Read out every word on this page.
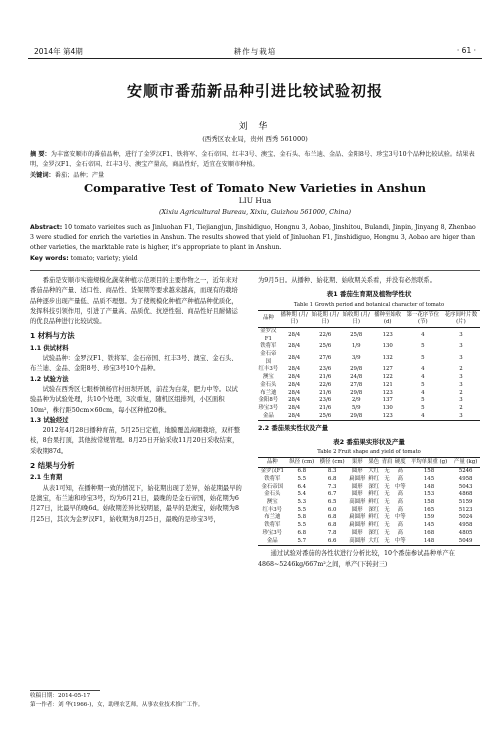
2014年 第4期	耕作与栽培	· 61 ·
安顺市番茄新品种引进比较试验初报
刘 华
(西秀区农业局，贵州 西秀 561000)
摘 要：为丰富安顺市的番茄品种，进行了金罗汉F1、铁将军、金石帝国、红丰3号、澳宝、金石头、布兰迪、金品、金阳8号、珍宝3号10个品种比较试验。结果表明，金罗汉F1、金石帝国、红丰3号、澳宝产量高，商品性好，适宜在安顺市种植。
关键词：番茄；品种；产量
Comparative Test of Tomato New Varieties in Anshun
LIU Hua
(Xixiu Agricultural Bureau, Xixiu, Guizhou 561000, China)
Abstract: 10 tomato varieites such as Jinluohan F1, Tiejiangjun, Jinshidiguo, Hongnu 3, Aobao, Jinshitou, Bulandi, Jinpin, Jinyang 8, Zhenbao 3 were studied for enrich the varieties in Anshun. The results showed that yield of Jinluohan F1, Jinshidiguo, Hongnu 3, Aobao are higer than other varieties, the marktable rate is higher, it's appropriate to plant in Anshun.
Key words: tomato; variety; yield

番茄是安顺市实施规模化蔬菜种植示范项目的主要作物之一，近年来对番茄品种的产量、适口性、商品性、货架期等要求越来越高，而现有的栽培品种逐步出现产量低、品质不理想。为了使规模化种植产种植品种优质化，发挥科技引领作用，引进了产量高、品质优、抗逆性强、商品性好且耐储运的优良品种进行比较试验。

1 材料与方法
1.1 供试材料

试验品种：金罗汉F1、铁将军、金石帝国、红丰3号、澳宝、金石头、布兰迪、金品、金阳8号、珍宝3号10个品种。

1.2 试验方法

试验在西秀区七眼桥镇杨官村田坝开展，前茬为白菜，肥力中等。以试验品种为试验处理，共10个处理，3次重复，随机区组排列，小区面积10m²，株行距50cm×60cm，每小区种植20株。

1.3 试验经过

2012年4月28日播种育苗，5月25日定植，地膜覆盖高厢栽培，双杆整枝，8台果打顶，其他按常规管理。8月25日开始采收11月20日采收结束，采收期87d。

2 结果与分析
2.1 生育期

从表1可知，在播种期一致的情况下，始花期出现了差异，始花期最早的是澳宝，布兰迪和珍宝3号，均为6月21日，最晚的是金石帝国，始花期为6月27日，比最早的晚6d。始收期差异比较明显，最早的是澳宝，始收期为8月25日，其次为金罗汉F1，始收期为8月25日，最晚的是珍宝3号，

收稿日期：2014-05-17
第一作者：刘 华(1966-)，女，助理农艺师，从事农业技术推广工作。

为9月5日。从播种、始花期、始收期关系看，并没有必然联系。

表1 番茄生育期及植物学性状
Table 1 Growth period and botanical character of tomato
品种	播种期 (月/日)	始花期 (月/日)	始收期 (月/日)	播种至始收 (d)	第一花序节位 (节)	花序间叶片数 (片)
金罗汉F1	28/4	22/6	25/8	123	4	3
铁将军	28/4	25/6	1/9	130	5	3
金石帝国	28/4	27/6	3/9	132	5	3
红丰3号	28/4	23/6	29/8	127	4	2
澳宝	28/4	21/6	24/8	122	4	3
金石头	28/4	22/6	27/8	121	5	3
布兰迪	28/4	21/6	29/8	123	4	2
金阳8号	28/4	23/6	2/9	137	5	3
珍宝3号	28/4	21/6	5/9	130	5	2
金品	28/4	25/6	29/8	123	4	3
2.2 番茄果实性状及产量
表2 番茄果实形状及产量
Table 2 Fruit shape and yield of tomato
品种	纵径 (cm)	横径 (cm)	果形	果色	青肩	硬度	平均单果重 (g)	产量 (kg)
金罗汉F1	6.8	8.3	圆形	大红	无	高	158	5246
铁将军	5.5	6.8	扁圆形	鲜红	无	高	145	4958
金石帝国	6.4	7.3	圆形	深红	无	中等	148	5043
金石头	5.4	6.7	圆形	鲜红	无	高	153	4868
澳宝	5.3	6.5	高圆形	鲜红	无	高	158	5159
红丰3号	5.5	6.0	圆形	深红	无	高	165	5123
布兰迪	5.8	6.8	扁圆形	鲜红	无	中等	159	5024
铁将军	5.5	6.8	扁圆形	鲜红	无	高	145	4958
珍宝3号	6.8	7.8	圆形	深红	无	高	168	4805
金品	5.7	6.6	高圆形	大红	无	中等	148	5049

通过试验对番茄的各性状进行分析比较，10个番茄参试品种单产在4868~5246kg/667m²之间，单产(下转封三)
